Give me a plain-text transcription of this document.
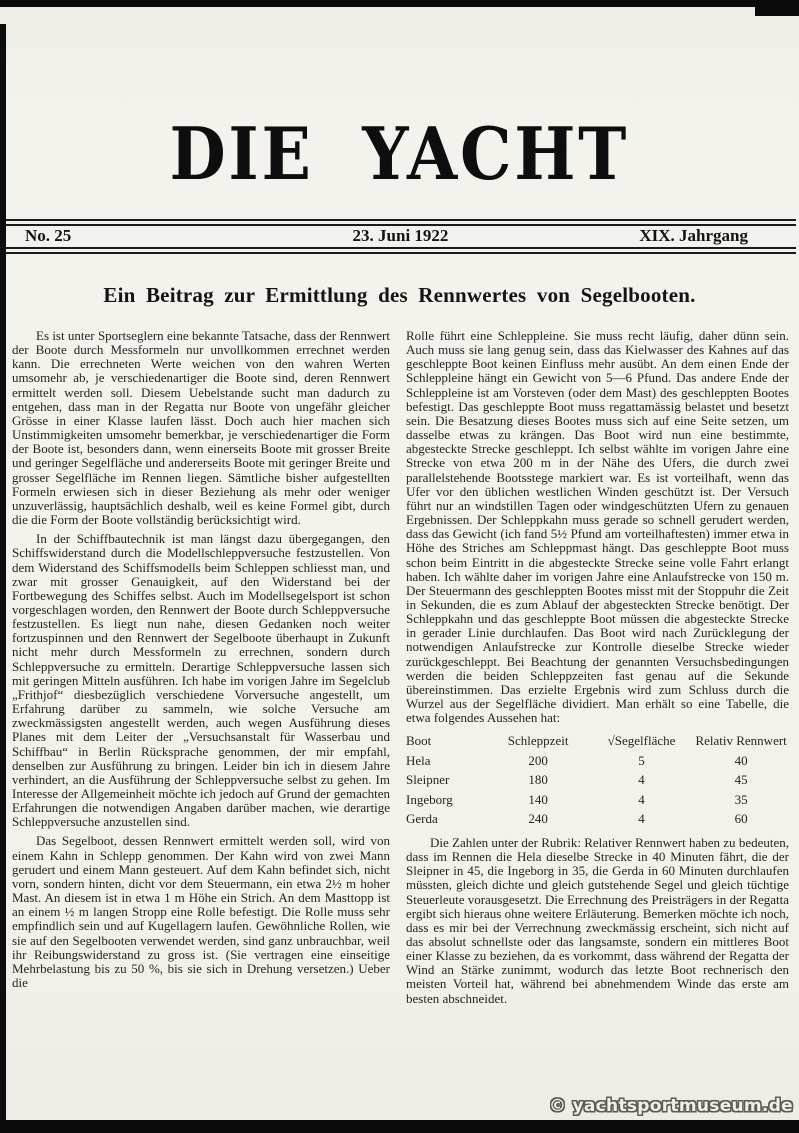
DIE YACHT
No. 25	23. Juni 1922	XIX. Jahrgang
Ein Beitrag zur Ermittlung des Rennwertes von Segelbooten.

Es ist unter Sportseglern eine bekannte Tatsache, dass der Rennwert der Boote durch Messformeln nur unvollkommen errechnet werden kann. Die errechneten Werte weichen von den wahren Werten umsomehr ab, je verschiedenartiger die Boote sind, deren Rennwert ermittelt werden soll. Diesem Uebelstande sucht man dadurch zu entgehen, dass man in der Regatta nur Boote von ungefähr gleicher Grösse in einer Klasse laufen lässt. Doch auch hier machen sich Unstimmigkeiten umsomehr bemerkbar, je verschiedenartiger die Form der Boote ist, besonders dann, wenn einerseits Boote mit grosser Breite und geringer Segelfläche und andererseits Boote mit geringer Breite und grosser Segelfläche im Rennen liegen. Sämtliche bisher aufgestellten Formeln erwiesen sich in dieser Beziehung als mehr oder weniger unzuverlässig, hauptsächlich deshalb, weil es keine Formel gibt, durch die die Form der Boote vollständig berücksichtigt wird.

In der Schiffbautechnik ist man längst dazu übergegangen, den Schiffswiderstand durch die Modellschleppversuche festzustellen. Von dem Widerstand des Schiffsmodells beim Schleppen schliesst man, und zwar mit grosser Genauigkeit, auf den Widerstand bei der Fortbewegung des Schiffes selbst. Auch im Modellsegelsport ist schon vorgeschlagen worden, den Rennwert der Boote durch Schleppversuche festzustellen. Es liegt nun nahe, diesen Gedanken noch weiter fortzuspinnen und den Rennwert der Segelboote überhaupt in Zukunft nicht mehr durch Messformeln zu errechnen, sondern durch Schleppversuche zu ermitteln. Derartige Schleppversuche lassen sich mit geringen Mitteln ausführen. Ich habe im vorigen Jahre im Segelclub „Frithjof“ diesbezüglich verschiedene Vorversuche angestellt, um Erfahrung darüber zu sammeln, wie solche Versuche am zweckmässigsten angestellt werden, auch wegen Ausführung dieses Planes mit dem Leiter der „Versuchsanstalt für Wasserbau und Schiffbau“ in Berlin Rücksprache genommen, der mir empfahl, denselben zur Ausführung zu bringen. Leider bin ich in diesem Jahre verhindert, an die Ausführung der Schleppversuche selbst zu gehen. Im Interesse der Allgemeinheit möchte ich jedoch auf Grund der gemachten Erfahrungen die notwendigen Angaben darüber machen, wie derartige Schleppversuche anzustellen sind.

Das Segelboot, dessen Rennwert ermittelt werden soll, wird von einem Kahn in Schlepp genommen. Der Kahn wird von zwei Mann gerudert und einem Mann gesteuert. Auf dem Kahn befindet sich, nicht vorn, sondern hinten, dicht vor dem Steuermann, ein etwa 2½ m hoher Mast. An diesem ist in etwa 1 m Höhe ein Strich. An dem Masttopp ist an einem ½ m langen Stropp eine Rolle befestigt. Die Rolle muss sehr empfindlich sein und auf Kugellagern laufen. Gewöhnliche Rollen, wie sie auf den Segelbooten verwendet werden, sind ganz unbrauchbar, weil ihr Reibungswiderstand zu gross ist. (Sie vertragen eine einseitige Mehrbelastung bis zu 50 %, bis sie sich in Drehung versetzen.) Ueber die

Rolle führt eine Schleppleine. Sie muss recht läufig, daher dünn sein. Auch muss sie lang genug sein, dass das Kielwasser des Kahnes auf das geschleppte Boot keinen Einfluss mehr ausübt. An dem einen Ende der Schleppleine hängt ein Gewicht von 5—6 Pfund. Das andere Ende der Schleppleine ist am Vorsteven (oder dem Mast) des geschleppten Bootes befestigt. Das geschleppte Boot muss regattamässig belastet und besetzt sein. Die Besatzung dieses Bootes muss sich auf eine Seite setzen, um dasselbe etwas zu krängen. Das Boot wird nun eine bestimmte, abgesteckte Strecke geschleppt. Ich selbst wählte im vorigen Jahre eine Strecke von etwa 200 m in der Nähe des Ufers, die durch zwei parallelstehende Bootsstege markiert war. Es ist vorteilhaft, wenn das Ufer vor den üblichen westlichen Winden geschützt ist. Der Versuch führt nur an windstillen Tagen oder windgeschützten Ufern zu genauen Ergebnissen. Der Schleppkahn muss gerade so schnell gerudert werden, dass das Gewicht (ich fand 5½ Pfund am vorteilhaftesten) immer etwa in Höhe des Striches am Schleppmast hängt. Das geschleppte Boot muss schon beim Eintritt in die abgesteckte Strecke seine volle Fahrt erlangt haben. Ich wählte daher im vorigen Jahre eine Anlaufstrecke von 150 m. Der Steuermann des geschleppten Bootes misst mit der Stoppuhr die Zeit in Sekunden, die es zum Ablauf der abgesteckten Strecke benötigt. Der Schleppkahn und das geschleppte Boot müssen die abgesteckte Strecke in gerader Linie durchlaufen. Das Boot wird nach Zurücklegung der notwendigen Anlaufstrecke zur Kontrolle dieselbe Strecke wieder zurückgeschleppt. Bei Beachtung der genannten Versuchsbedingungen werden die beiden Schleppzeiten fast genau auf die Sekunde übereinstimmen. Das erzielte Ergebnis wird zum Schluss durch die Wurzel aus der Segelfläche dividiert. Man erhält so eine Tabelle, die etwa folgendes Aussehen hat:

Boot	Schleppzeit	√Segelfläche	Relativ Rennwert
Hela	200	5	40
Sleipner	180	4	45
Ingeborg	140	4	35
Gerda	240	4	60

Die Zahlen unter der Rubrik: Relativer Rennwert haben zu bedeuten, dass im Rennen die Hela dieselbe Strecke in 40 Minuten fährt, die der Sleipner in 45, die Ingeborg in 35, die Gerda in 60 Minuten durchlaufen müssten, gleich dichte und gleich gutstehende Segel und gleich tüchtige Steuerleute vorausgesetzt. Die Errechnung des Preisträgers in der Regatta ergibt sich hieraus ohne weitere Erläuterung. Bemerken möchte ich noch, dass es mir bei der Verrechnung zweckmässig erscheint, sich nicht auf das absolut schnellste oder das langsamste, sondern ein mittleres Boot einer Klasse zu beziehen, da es vorkommt, dass während der Regatta der Wind an Stärke zunimmt, wodurch das letzte Boot rechnerisch den meisten Vorteil hat, während bei abnehmendem Winde das erste am besten abschneidet.

© yachtsportmuseum.de
